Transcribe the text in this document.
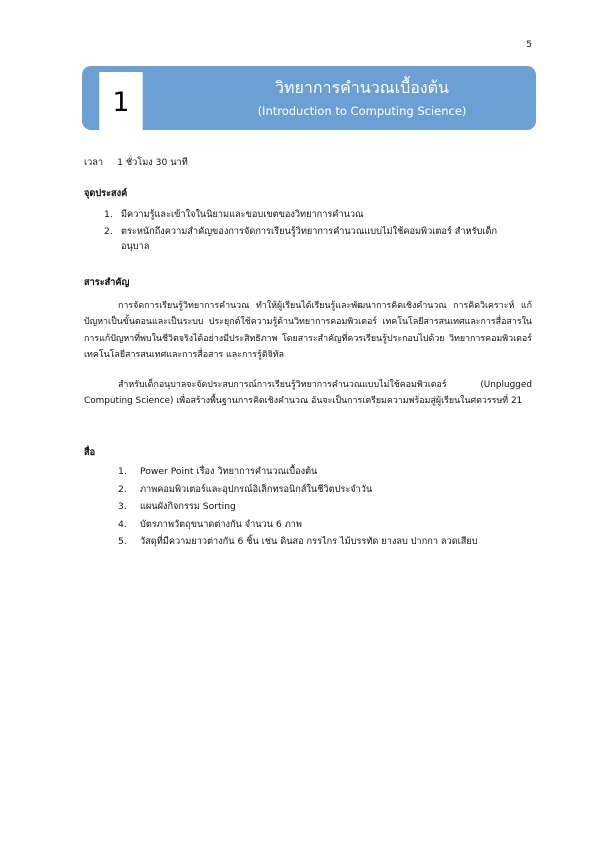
5
1	วิทยาการคำนวณเบื้องต้น
(Introduction to Computing Science)
เวลา 1 ชั่วโมง 30 นาที
จุดประสงค์
1. มีความรู้และเข้าใจในนิยามและขอบเขตของวิทยาการคำนวณ
2. ตระหนักถึงความสำคัญของการจัดการเรียนรู้วิทยาการคำนวณแบบไม่ใช้คอมพิวเตอร์ สำหรับเด็กอนุบาล
สาระสำคัญ
การจัดการเรียนรู้วิทยาการคำนวณ ทำให้ผู้เรียนได้เรียนรู้และพัฒนาการคิดเชิงคำนวณ การคิดวิเคราะห์ แก้ปัญหาเป็นขั้นตอนและเป็นระบบ ประยุกต์ใช้ความรู้ด้านวิทยาการคอมพิวเตอร์ เทคโนโลยีสารสนเทศและการสื่อสารในการแก้ปัญหาที่พบในชีวิตจริงได้อย่างมีประสิทธิภาพ โดยสาระสำคัญที่ควรเรียนรู้ประกอบไปด้วย วิทยาการคอมพิวเตอร์ เทคโนโลยีสารสนเทศและการสื่อสาร และการรู้ดิจิทัล
สำหรับเด็กอนุบาลจะจัดประสบการณ์การเรียนรู้วิทยาการคำนวณแบบไม่ใช้คอมพิวเตอร์ (Unplugged Computing Science) เพื่อสร้างพื้นฐานการคิดเชิงคำนวณ อันจะเป็นการเตรียมความพร้อมสู่ผู้เรียนในศตวรรษที่ 21
สื่อ
1. Power Point เรื่อง วิทยาการคำนวณเบื้องต้น
2. ภาพคอมพิวเตอร์และอุปกรณ์อิเล็กทรอนิกส์ในชีวิตประจำวัน
3. แผนผังกิจกรรม Sorting
4. บัตรภาพวัตถุขนาดต่างกัน จำนวน 6 ภาพ
5. วัสดุที่มีความยาวต่างกัน 6 ชิ้น เช่น ดินสอ กรรไกร ไม้บรรทัด ยางลบ ปากกา ลวดเสียบ
